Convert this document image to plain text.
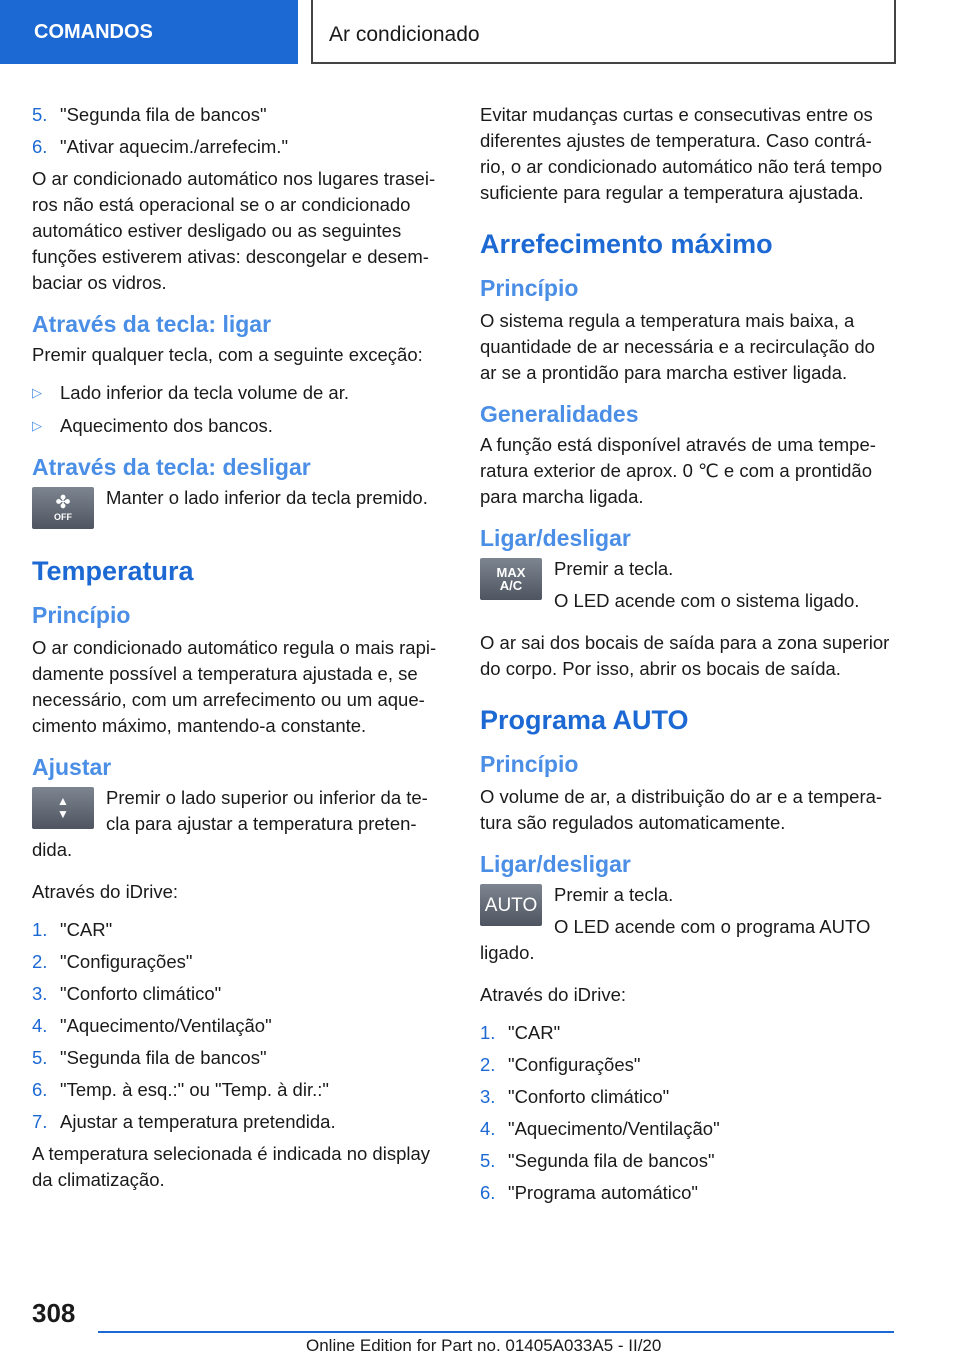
COMANDOS	Ar condicionado
5. "Segunda fila de bancos"
6. "Ativar aquecim./arrefecim."

O ar condicionado automático nos lugares trasei-ros não está operacional se o ar condicionado automático estiver desligado ou as seguintes funções estiverem ativas: descongelar e desem-baciar os vidros.

Através da tecla: ligar

Premir qualquer tecla, com a seguinte exceção:

▷ Lado inferior da tecla volume de ar.
▷ Aquecimento dos bancos.
Através da tecla: desligar
✤
OFF
Manter o lado inferior da tecla premido.
Temperatura
Princípio

O ar condicionado automático regula o mais rapi-damente possível a temperatura ajustada e, se necessário, com um arrefecimento ou um aque-cimento máximo, mantendo-a constante.

Ajustar
▲
▼
Premir o lado superior ou inferior da te-cla para ajustar a temperatura preten-dida.

Através do iDrive:

1. "CAR"
2. "Configurações"
3. "Conforto climático"
4. "Aquecimento/Ventilação"
5. "Segunda fila de bancos"
6. "Temp. à esq.:" ou "Temp. à dir.:"
7. Ajustar a temperatura pretendida.

A temperatura selecionada é indicada no display da climatização.

Evitar mudanças curtas e consecutivas entre os diferentes ajustes de temperatura. Caso contrá-rio, o ar condicionado automático não terá tempo suficiente para regular a temperatura ajustada.

Arrefecimento máximo
Princípio

O sistema regula a temperatura mais baixa, a quantidade de ar necessária e a recirculação do ar se a prontidão para marcha estiver ligada.

Generalidades

A função está disponível através de uma tempe-ratura exterior de aprox. 0 ℃ e com a prontidão para marcha ligada.

Ligar/desligar
MAX
A/C
Premir a tecla.
O LED acende com o sistema ligado.

O ar sai dos bocais de saída para a zona superior do corpo. Por isso, abrir os bocais de saída.

Programa AUTO
Princípio

O volume de ar, a distribuição do ar e a tempera-tura são regulados automaticamente.

Ligar/desligar
AUTO Premir a tecla.
O LED acende com o programa AUTO ligado.

Através do iDrive:

1. "CAR"
2. "Configurações"
3. "Conforto climático"
4. "Aquecimento/Ventilação"
5. "Segunda fila de bancos"
6. "Programa automático"
308
Online Edition for Part no. 01405A033A5 - II/20
